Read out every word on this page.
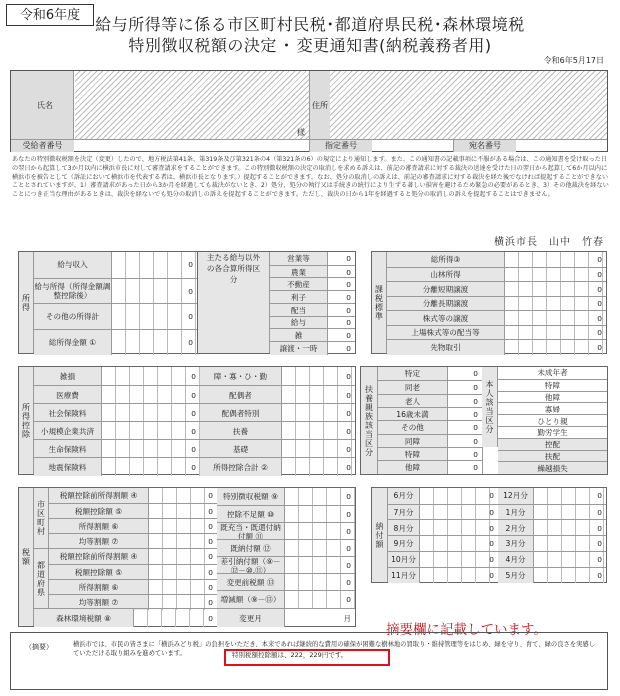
令和6年度 給与所得等に係る市区町村民税･都道府県民税･森林環境税
特別徴収税額の決定 ･ 変更通知書(納税義務者用)
令和6年5月17日
氏名
様
住所
受給者番号	指定番号	宛名番号
あなたの特別徴収税額を決定（変更）したので、地方税法第41条、第319条及び第321条の4（第321条の6）の規定により通知します。また、この通知書の記載事項に不服がある場合は、この通知書を受け取った日の翌日から起算して3か月以内に横浜市長に対して審査請求をすることができます。この特別徴収税額の決定の取消しを求める訴えは、前記の審査請求に対する裁決の送達を受けた日の翌日から起算して6か月以内に横浜市を被告として（訴訟において横浜市を代表する者は、横浜市長となります。）提起することができます。なお、処分の取消しの訴えは、前記の審査請求に対する裁決を経た後でなければ提起することができないこととされていますが、1）審査請求があった日から3か月を経過しても裁決がないとき、2）処分、処分の執行又は手続きの続行により生ずる著しい損害を避けるため緊急の必要があるとき、3）その他裁決を経ないことにつき正当な理由があるときは、裁決を経ないでも処分の取消しの訴えを提起することができます。ただし、裁決の日から1年を経過すると処分の取消しの訴えを提起することはできません。
横浜市長　山中　竹春
所得
給与収入	0
給与所得（所得金額調整控除後）	0
その他の所得計	0
総所得金額 ①	0
主たる給与以外の各合算所得区分
営業等	0
農業	0
不動産	0
利子	0
配当	0
給与	0
雑	0
譲渡・一時	0
課税標準
総所得③	0
山林所得	0
分離短期譲渡	0
分離長期譲渡	0
株式等の譲渡	0
上場株式等の配当等	0
先物取引	0
所得控除
雑損	0
医療費	0
社会保険料	0
小規模企業共済	0
生命保険料	0
地震保険料	0
障・寡・ひ・勤	0
配偶者	0
配偶者特別	0
扶養	0
基礎	0
所得控除合計 ②	0
扶養親族該当区分
特定	0
同老	0
老人	0
16歳未満	0
その他	0
同障	0
特障	0
他障	0
本人該当区分
未成年者
特障
他障
寡婦
ひとり親
勤労学生
控配
扶配
繰越損失
税額
市区町村
都道府県
税額控除前所得割額 ④	0
税額控除額 ⑤	0
所得割額 ⑥	0
均等割額 ⑦	0
税額控除前所得割額 ④	0
税額控除額 ⑤	0
所得割額 ⑥	0
均等割額 ⑦	0
森林環境税額 ⑧	0
特別徴収税額 ⑨	0
控除不足額 ⑩	0
既充当・既還付納付額 ⑪	0
既納付額 ⑫	0
差引納付額（⑨－⑫－⑩,⑪）	0
変更前税額 ⑬	0
増減額（⑨－⑬）	0
変更月	月
納付額
6月分	0
7月分	0
8月分	0
9月分	0
10月分	0
11月分	0
12月分	0
1月分	0
2月分	0
3月分	0
4月分	0
5月分	0
摘要欄に記載しています。
（摘要）	横浜市では、市民の皆さまに「横浜みどり税」の負担をいただき、本来であれば継続的な費用の確保が困難な樹林地の買取り・維持管理等をはじめ、緑を守り、育て、緑の良さを実感していただける取り組みを進めています。	特別税額控除額は、222，229円です。
